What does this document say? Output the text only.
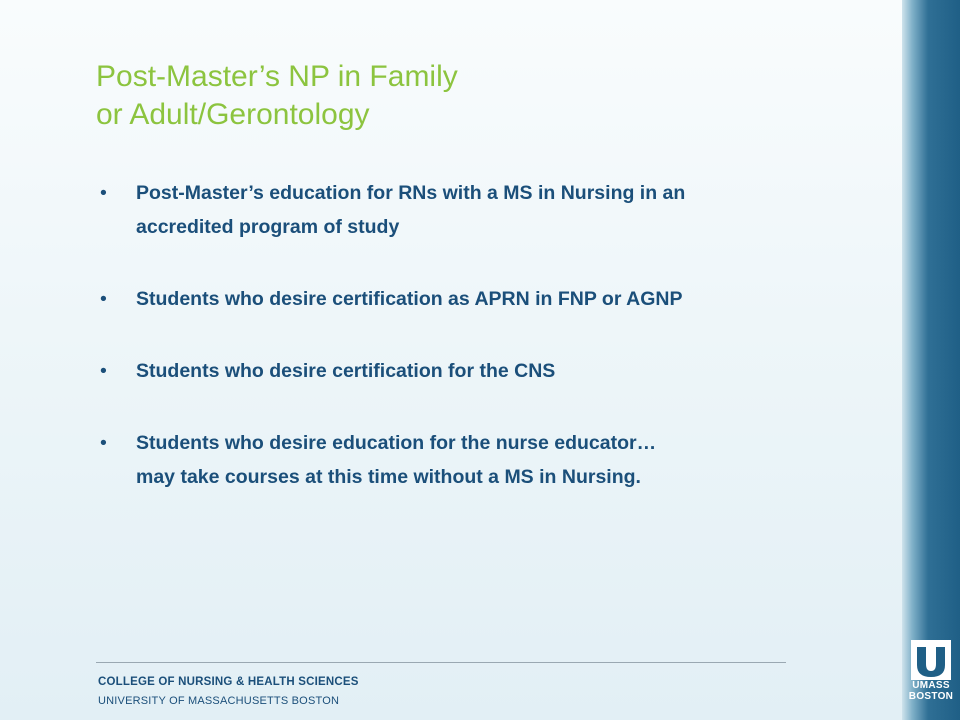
Post-Master’s NP in Family
or Adult/Gerontology
• Post-Master’s education for RNs with a MS in Nursing in an
accredited program of study
• Students who desire certification as APRN in FNP or AGNP
• Students who desire certification for the CNS
• Students who desire education for the nurse educator…
may take courses at this time without a MS in Nursing.
COLLEGE OF NURSING & HEALTH SCIENCES
UNIVERSITY OF MASSACHUSETTS BOSTON
UMASS
BOSTON
